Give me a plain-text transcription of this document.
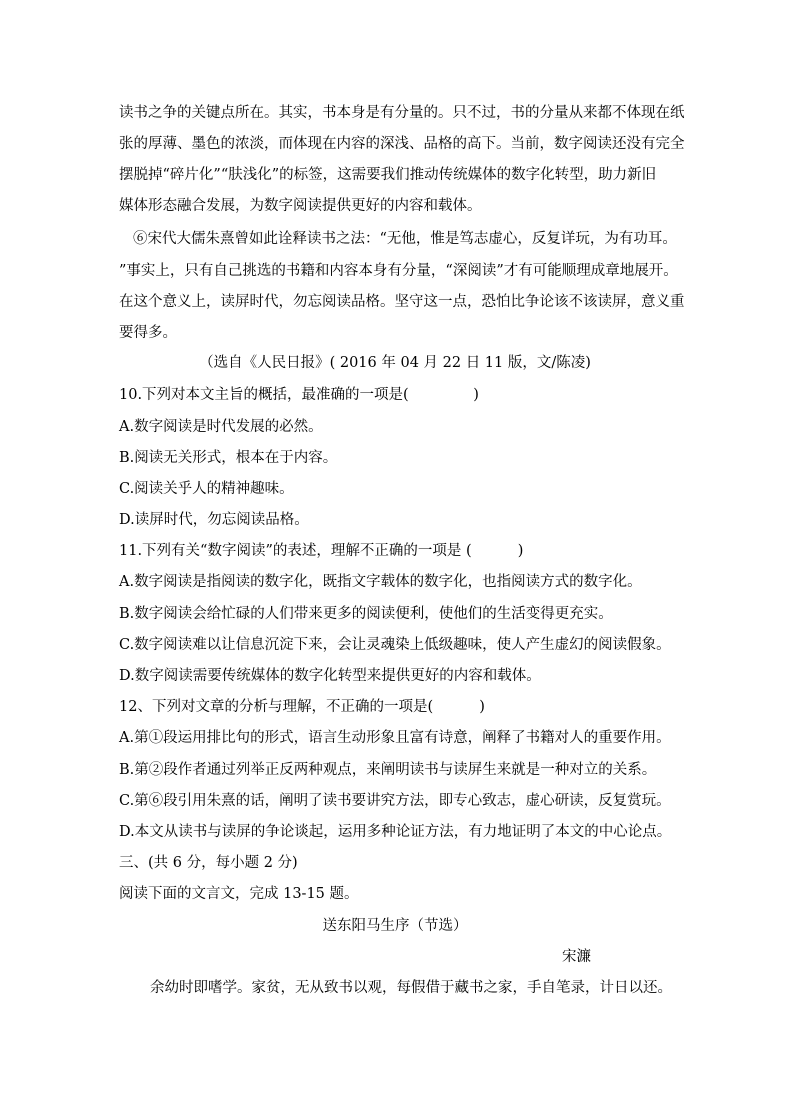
读书之争的关键点所在。其实，书本身是有分量的。只不过，书的分量从来都不体现在纸
张的厚薄、墨色的浓淡，而体现在内容的深浅、品格的高下。当前，数字阅读还没有完全
摆脱掉“碎片化”“肤浅化”的标签，这需要我们推动传统媒体的数字化转型，助力新旧
媒体形态融合发展，为数字阅读提供更好的内容和载体。
⑥宋代大儒朱熹曾如此诠释读书之法：“无他，惟是笃志虚心，反复详玩，为有功耳。
”事实上，只有自己挑选的书籍和内容本身有分量，“深阅读”才有可能顺理成章地展开。
在这个意义上，读屏时代，勿忘阅读品格。坚守这一点，恐怕比争论该不该读屏，意义重
要得多。
（选自《人民日报》( 2016 年 04 月 22 日 11 版，文/陈凌)
10.下列对本文主旨的概括，最准确的一项是(              )
A.数字阅读是时代发展的必然。
B.阅读无关形式，根本在于内容。
C.阅读关乎人的精神趣味。
D.读屏时代，勿忘阅读品格。
11.下列有关“数字阅读”的表述，理解不正确的一项是 (          )
A.数字阅读是指阅读的数字化，既指文字载体的数字化，也指阅读方式的数字化。
B.数字阅读会给忙碌的人们带来更多的阅读便利，使他们的生活变得更充实。
C.数字阅读难以让信息沉淀下来，会让灵魂染上低级趣味，使人产生虚幻的阅读假象。
D.数字阅读需要传统媒体的数字化转型来提供更好的内容和载体。
12、下列对文章的分析与理解，不正确的一项是(          )
A.第①段运用排比句的形式，语言生动形象且富有诗意，阐释了书籍对人的重要作用。
B.第②段作者通过列举正反两种观点，来阐明读书与读屏生来就是一种对立的关系。
C.第⑥段引用朱熹的话，阐明了读书要讲究方法，即专心致志，虚心研读，反复赏玩。
D.本文从读书与读屏的争论谈起，运用多种论证方法，有力地证明了本文的中心论点。
三、(共 6 分，每小题 2 分)
阅读下面的文言文，完成 13-15 题。
送东阳马生序（节选）
宋濂
余幼时即嗜学。家贫，无从致书以观，每假借于藏书之家，手自笔录，计日以还。
